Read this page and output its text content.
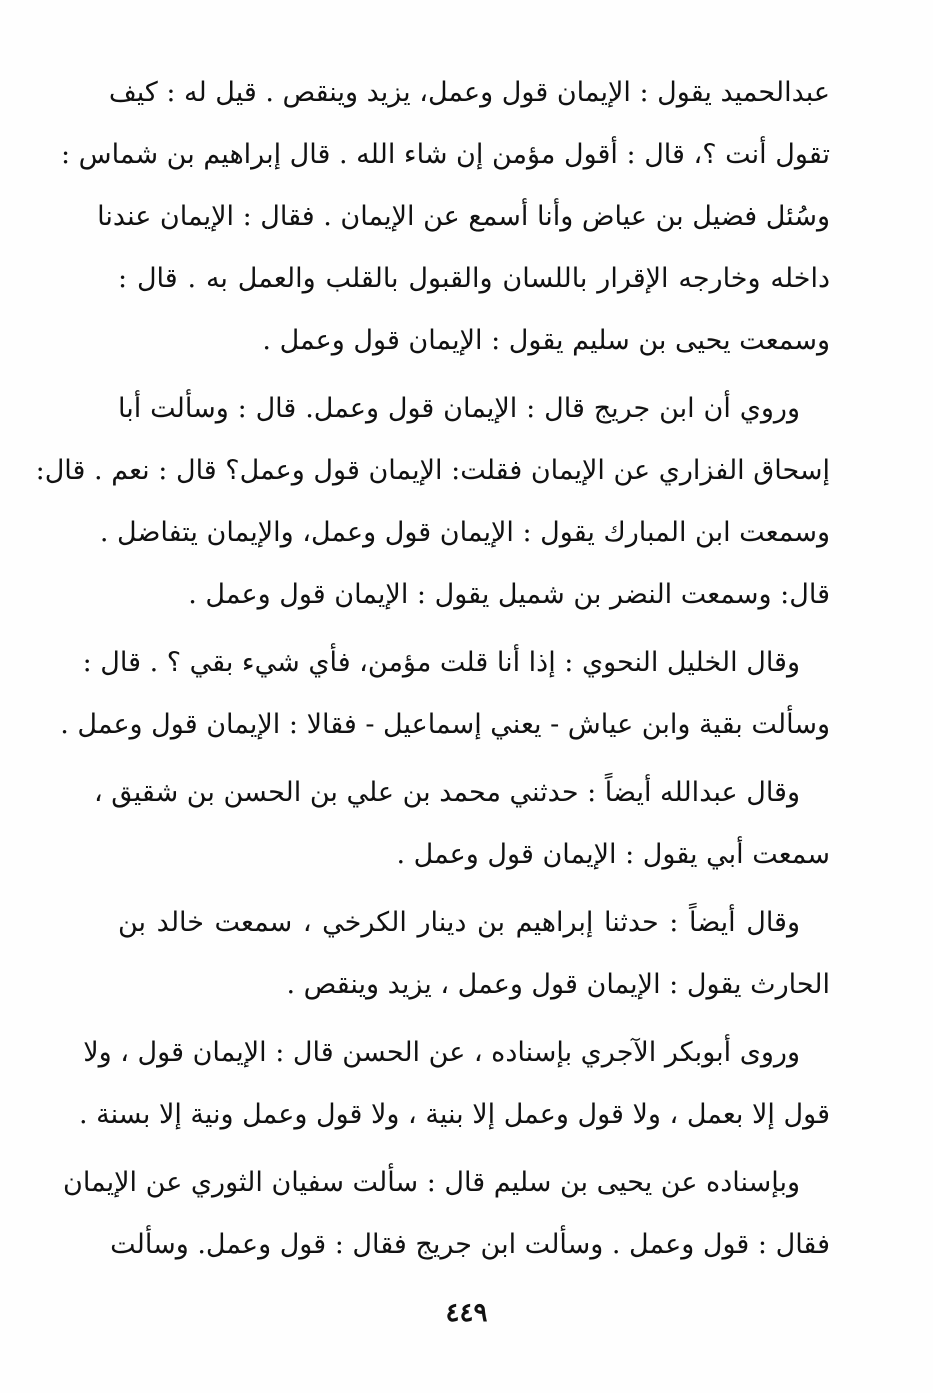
عبدالحميد يقول : الإيمان قول وعمل، يزيد وينقص . قيل له : كيف
تقول أنت ؟، قال : أقول مؤمن إن شاء الله . قال إبراهيم بن شماس :
وسُئل فضيل بن عياض وأنا أسمع عن الإيمان . فقال : الإيمان عندنا
داخله وخارجه الإقرار باللسان والقبول بالقلب والعمل به . قال :
وسمعت يحيى بن سليم يقول : الإيمان قول وعمل .
وروي أن ابن جريج قال : الإيمان قول وعمل. قال : وسألت أبا
إسحاق الفزاري عن الإيمان فقلت: الإيمان قول وعمل؟ قال : نعم . قال:
وسمعت ابن المبارك يقول : الإيمان قول وعمل، والإيمان يتفاضل .
قال: وسمعت النضر بن شميل يقول : الإيمان قول وعمل .
وقال الخليل النحوي : إذا أنا قلت مؤمن، فأي شيء بقي ؟ . قال :
وسألت بقية وابن عياش - يعني إسماعيل - فقالا : الإيمان قول وعمل .
وقال عبدالله أيضاً : حدثني محمد بن علي بن الحسن بن شقيق ،
سمعت أبي يقول : الإيمان قول وعمل .
وقال أيضاً : حدثنا إبراهيم بن دينار الكرخي ، سمعت خالد بن
الحارث يقول : الإيمان قول وعمل ، يزيد وينقص .
وروى أبوبكر الآجري بإسناده ، عن الحسن قال : الإيمان قول ، ولا
قول إلا بعمل ، ولا قول وعمل إلا بنية ، ولا قول وعمل ونية إلا بسنة .
وبإسناده عن يحيى بن سليم قال : سألت سفيان الثوري عن الإيمان
فقال : قول وعمل . وسألت ابن جريج فقال : قول وعمل. وسألت
٤٤٩
